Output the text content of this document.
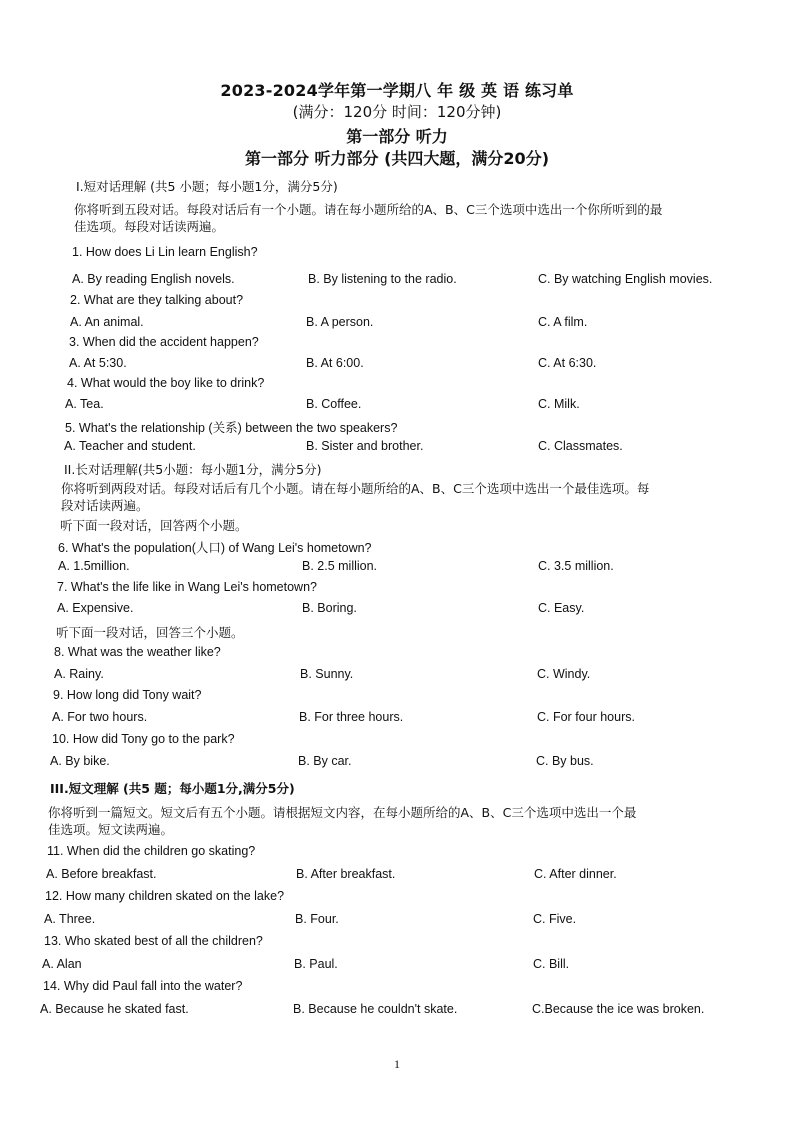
2023-2024学年第一学期八 年 级 英 语 练习单
(满分：120分 时间：120分钟)
第一部分 听力
第一部分 听力部分 (共四大题，满分20分)
I.短对话理解 (共5 小题；每小题1分，满分5分)
你将听到五段对话。每段对话后有一个小题。请在每小题所给的A、B、C三个选项中选出一个你所听到的最
佳选项。每段对话读两遍。
1. How does Li Lin learn English?
A. By reading English novels.	B. By listening to the radio.	C. By watching English movies.
2. What are they talking about?
A. An animal.	B. A person.	C. A film.
3. When did the accident happen?
A. At 5:30.	B. At 6:00.	C. At 6:30.
4. What would the boy like to drink?
A. Tea.	B. Coffee.	C. Milk.
5. What's the relationship (关系) between the two speakers?
A. Teacher and student.	B. Sister and brother.	C. Classmates.
II.长对话理解(共5小题：每小题1分，满分5分)
你将听到两段对话。每段对话后有几个小题。请在每小题所给的A、B、C三个选项中选出一个最佳选项。每
段对话读两遍。
听下面一段对话，回答两个小题。
6. What's the population(人口) of Wang Lei's hometown?
A. 1.5million.	B. 2.5 million.	C. 3.5 million.
7. What's the life like in Wang Lei's hometown?
A. Expensive.	B. Boring.	C. Easy.
听下面一段对话，回答三个小题。
8. What was the weather like?
A. Rainy.	B. Sunny.	C. Windy.
9. How long did Tony wait?
A. For two hours.	B. For three hours.	C. For four hours.
10. How did Tony go to the park?
A. By bike.	B. By car.	C. By bus.
III.短文理解 (共5 题；每小题1分,满分5分)
你将听到一篇短文。短文后有五个小题。请根据短文内容，在每小题所给的A、B、C三个选项中选出一个最
佳选项。短文读两遍。
11. When did the children go skating?
A. Before breakfast.	B. After breakfast.	C. After dinner.
12. How many children skated on the lake?
A. Three.	B. Four.	C. Five.
13. Who skated best of all the children?
A. Alan	B. Paul.	C. Bill.
14. Why did Paul fall into the water?
A. Because he skated fast.	B. Because he couldn't skate.	C.Because the ice was broken.
1
